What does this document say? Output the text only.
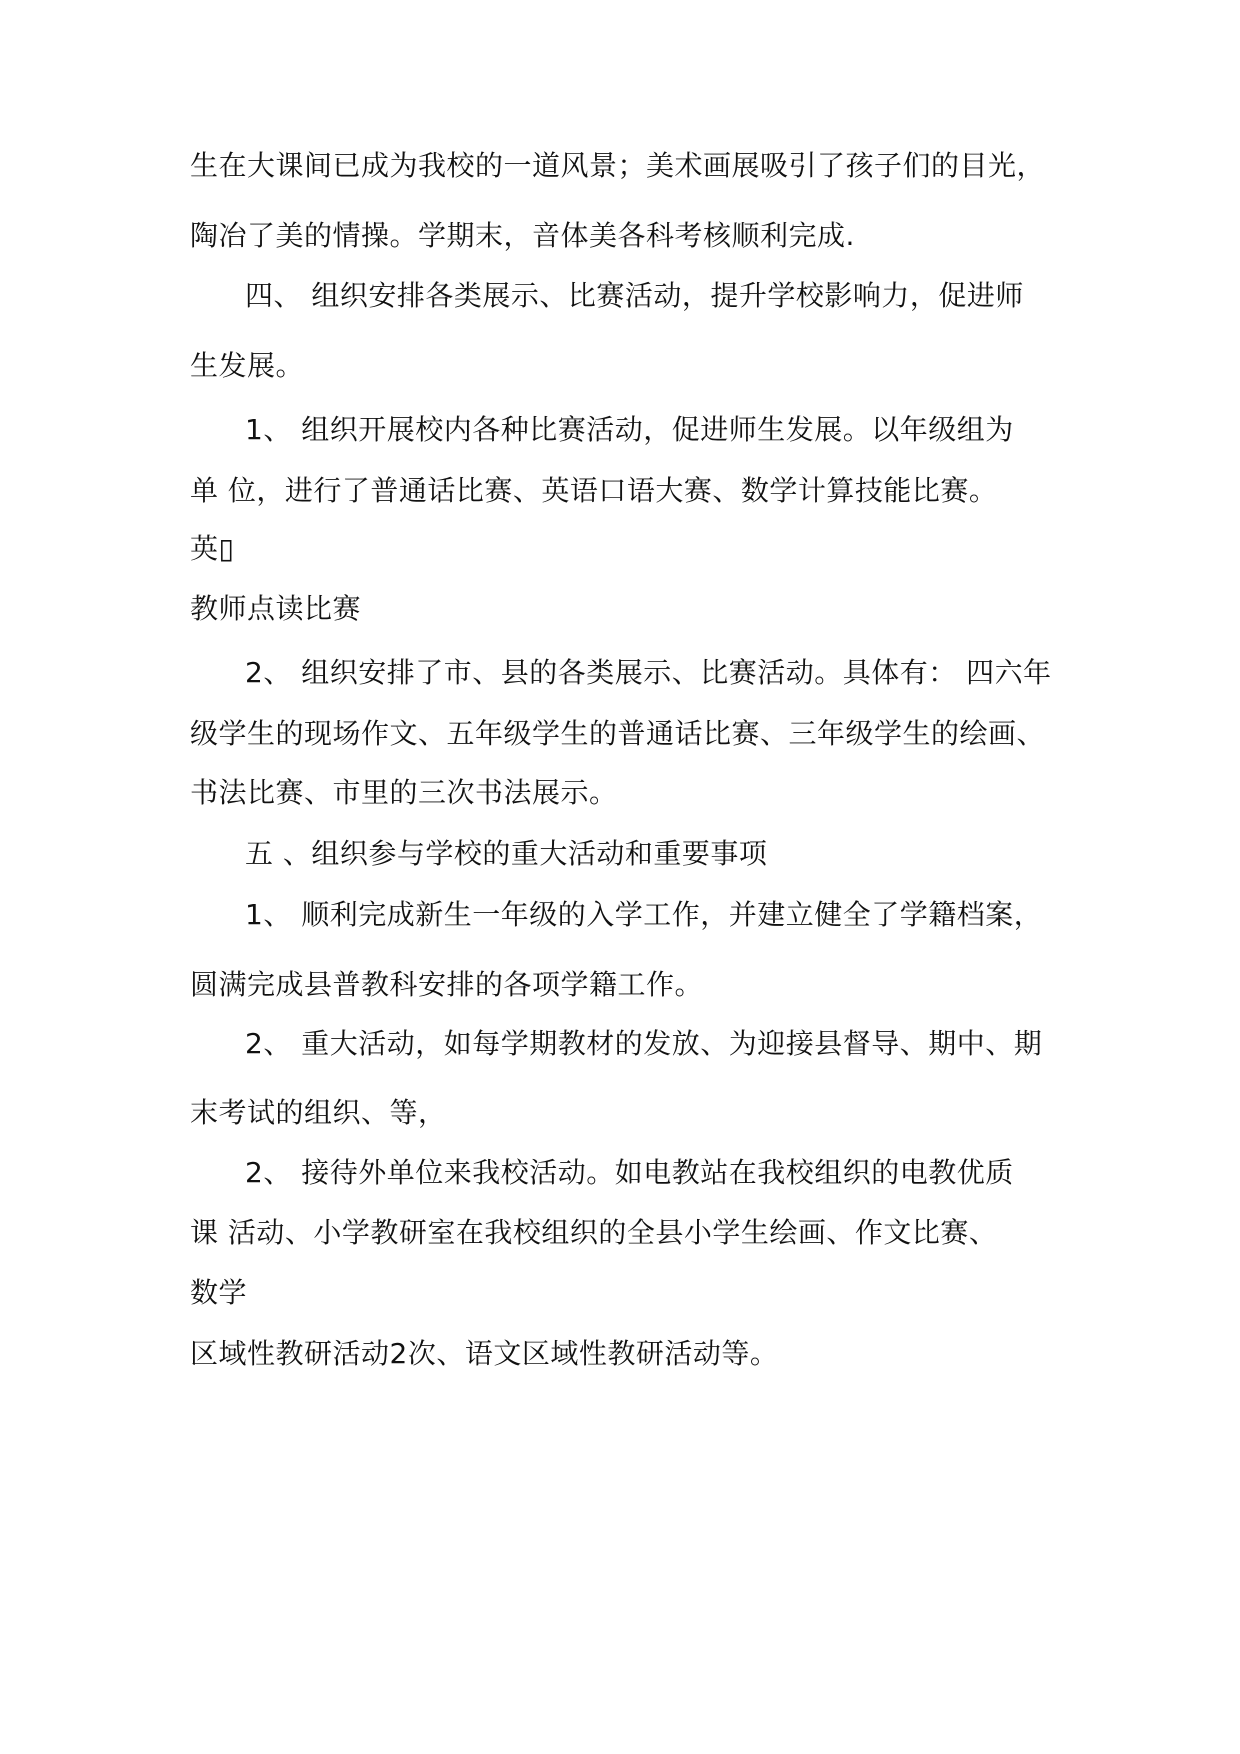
生在大课间已成为我校的一道风景；美术画展吸引了孩子们的目光，
陶冶了美的情操。学期末，音体美各科考核顺利完成.
四、 组织安排各类展示、比赛活动，提升学校影响力，促进师
生发展。
1、 组织开展校内各种比赛活动，促进师生发展。以年级组为
单 位，进行了普通话比赛、英语口语大赛、数学计算技能比赛。
英▯
教师点读比赛
2、 组织安排了市、县的各类展示、比赛活动。具体有： 四六年
级学生的现场作文、五年级学生的普通话比赛、三年级学生的绘画、
书法比赛、市里的三次书法展示。
五 、组织参与学校的重大活动和重要事项
1、 顺利完成新生一年级的入学工作，并建立健全了学籍档案，
圆满完成县普教科安排的各项学籍工作。
2、 重大活动，如每学期教材的发放、为迎接县督导、期中、期
末考试的组织、等，
2、 接待外单位来我校活动。如电教站在我校组织的电教优质
课 活动、小学教研室在我校组织的全县小学生绘画、作文比赛、
数学
区域性教研活动2次、语文区域性教研活动等。
